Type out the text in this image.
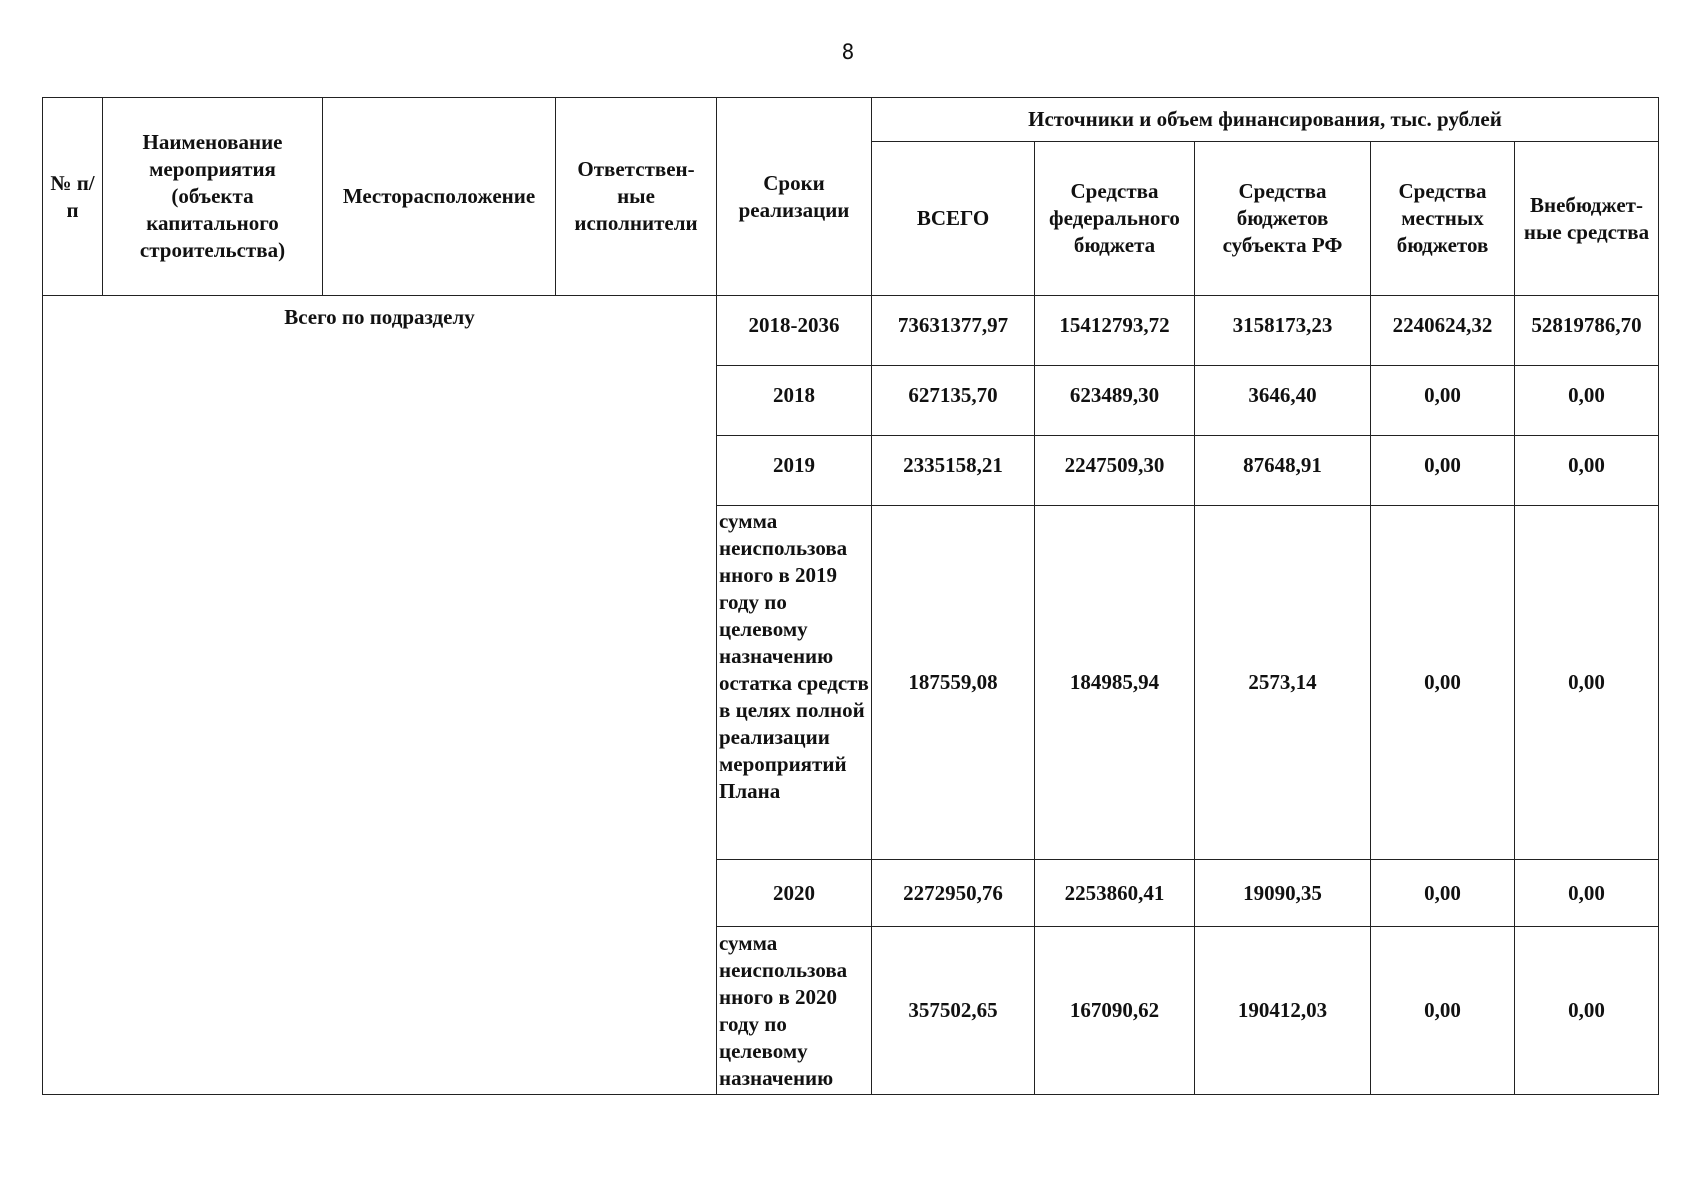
8
№ п/п	Наименование мероприятия (объекта капитального строительства)	Месторасположение	Ответствен-ные исполнители	Сроки реализации	Источники и объем финансирования, тыс. рублей				
					ВСЕГО	Средства федерального бюджета	Средства бюджетов субъекта РФ	Средства местных бюджетов	Внебюджет-ные средства
Всего по подразделу				2018-2036	73631377,97	15412793,72	3158173,23	2240624,32	52819786,70
				2018	627135,70	623489,30	3646,40	0,00	0,00
				2019	2335158,21	2247509,30	87648,91	0,00	0,00
				сумма неиспользова нного в 2019 году по целевому назначению остатка средств в целях полной реализации мероприятий Плана	187559,08	184985,94	2573,14	0,00	0,00
				2020	2272950,76	2253860,41	19090,35	0,00	0,00
				сумма неиспользова нного в 2020 году по целевому назначению	357502,65	167090,62	190412,03	0,00	0,00
